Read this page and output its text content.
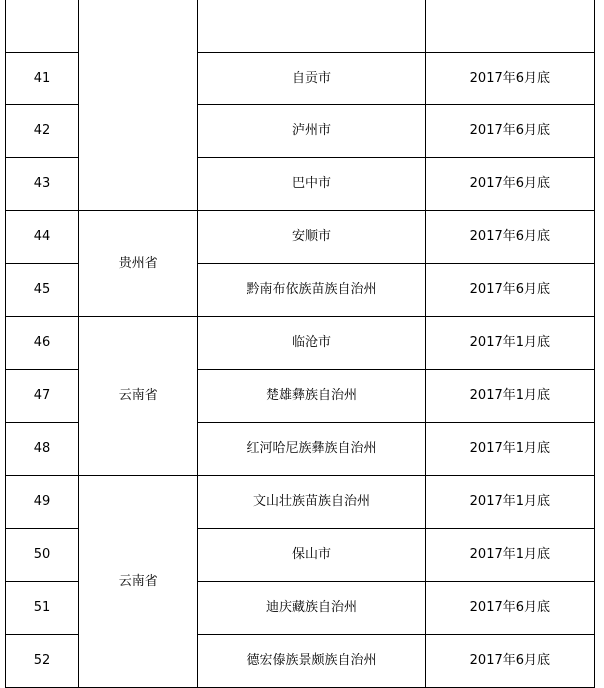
41		自贡市	2017年6月底
42		泸州市	2017年6月底
43		巴中市	2017年6月底
44	贵州省	安顺市	2017年6月底
45		黔南布依族苗族自治州	2017年6月底
46	云南省	临沧市	2017年1月底
47		楚雄彝族自治州	2017年1月底
48		红河哈尼族彝族自治州	2017年1月底
49	云南省	文山壮族苗族自治州	2017年1月底
50		保山市	2017年1月底
51		迪庆藏族自治州	2017年6月底
52		德宏傣族景颇族自治州	2017年6月底
